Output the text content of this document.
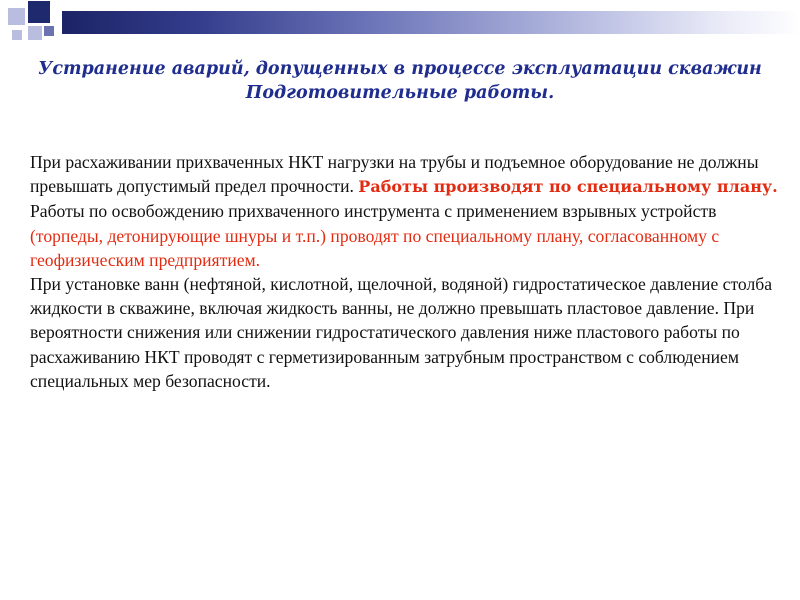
Устранение аварий, допущенных в процессе эксплуатации скважин
Подготовительные работы.

При расхаживании прихваченных НКТ нагрузки на трубы и подъемное оборудование не должны превышать допустимый предел прочности. Работы производят по специальному плану.

Работы по освобождению прихваченного инструмента с применением взрывных устройств (торпеды, детонирующие шнуры и т.п.) проводят по специальному плану, согласованному с геофизическим предприятием.

При установке ванн (нефтяной, кислотной, щелочной, водяной) гидростатическое давление столба жидкости в скважине, включая жидкость ванны, не должно превышать пластовое давление. При вероятности снижения или снижении гидростатического давления ниже пластового работы по расхаживанию НКТ проводят с герметизированным затрубным пространством с соблюдением специальных мер безопасности.
